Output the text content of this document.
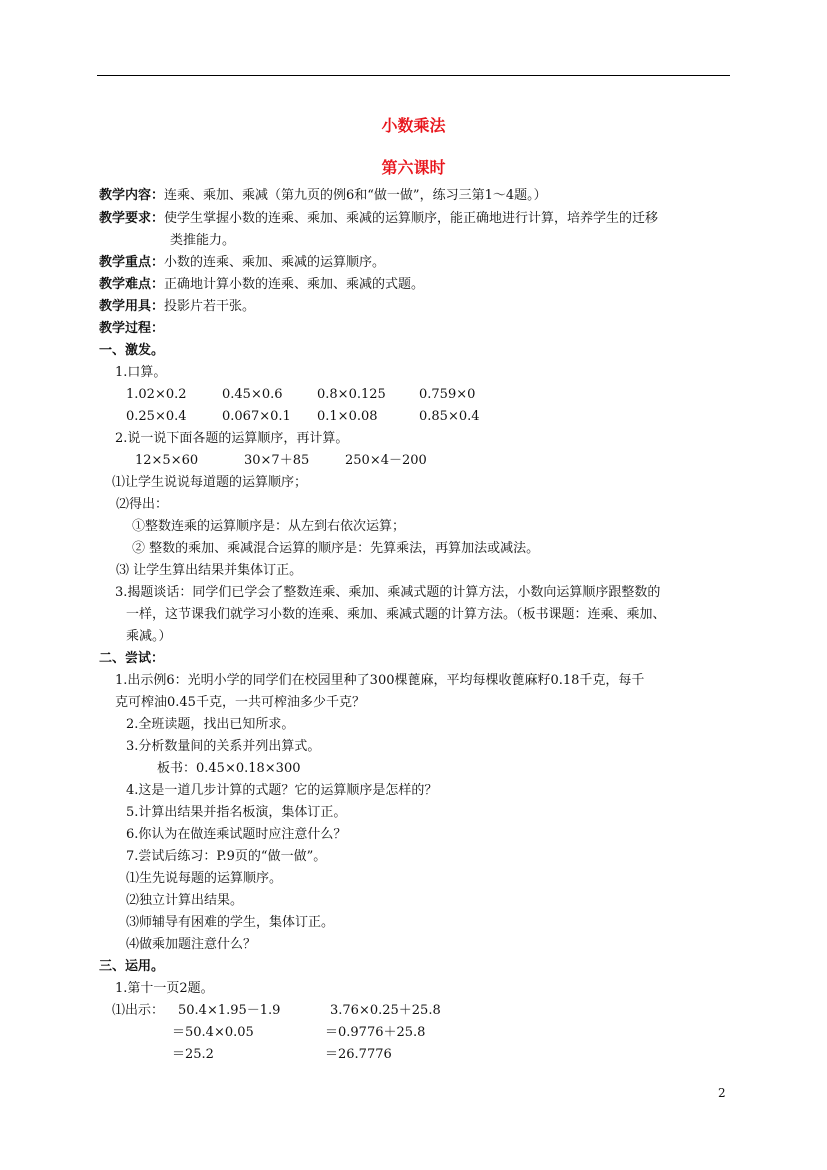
小数乘法
第六课时
教学内容：连乘、乘加、乘减（第九页的例6和“做一做”，练习三第1～4题。）
教学要求：使学生掌握小数的连乘、乘加、乘减的运算顺序，能正确地进行计算，培养学生的迁移
类推能力。
教学重点：小数的连乘、乘加、乘减的运算顺序。
教学难点：正确地计算小数的连乘、乘加、乘减的式题。
教学用具：投影片若干张。
教学过程：
一、激发。
1.口算。
1.02×0.2	0.45×0.6	0.8×0.125	0.759×0
0.25×0.4	0.067×0.1 0.1×0.08	0.85×0.4
2.说一说下面各题的运算顺序，再计算。
12×5×60	30×7＋85	250×4－200
⑴让学生说说每道题的运算顺序；
⑵得出：
①整数连乘的运算顺序是：从左到右依次运算；
② 整数的乘加、乘减混合运算的顺序是：先算乘法，再算加法或减法。
⑶ 让学生算出结果并集体订正。
3.揭题谈话：同学们已学会了整数连乘、乘加、乘减式题的计算方法，小数向运算顺序跟整数的
一样，这节课我们就学习小数的连乘、乘加、乘减式题的计算方法。（板书课题：连乘、乘加、
乘减。）
二、尝试：
1.出示例6：光明小学的同学们在校园里种了300棵蓖麻，平均每棵收蓖麻籽0.18千克，每千
克可榨油0.45千克，一共可榨油多少千克？
2.全班读题，找出已知所求。
3.分析数量间的关系并列出算式。
板书：0.45×0.18×300
4.这是一道几步计算的式题？它的运算顺序是怎样的？
5.计算出结果并指名板演，集体订正。
6.你认为在做连乘试题时应注意什么？
7.尝试后练习：P.9页的“做一做”。
⑴生先说每题的运算顺序。
⑵独立计算出结果。
⑶师辅导有困难的学生，集体订正。
⑷做乘加题注意什么？
三、运用。
1.第十一页2题。
⑴出示： 50.4×1.95－1.9	3.76×0.25＋25.8
＝50.4×0.05	＝0.9776＋25.8
＝25.2	＝26.7776
2
